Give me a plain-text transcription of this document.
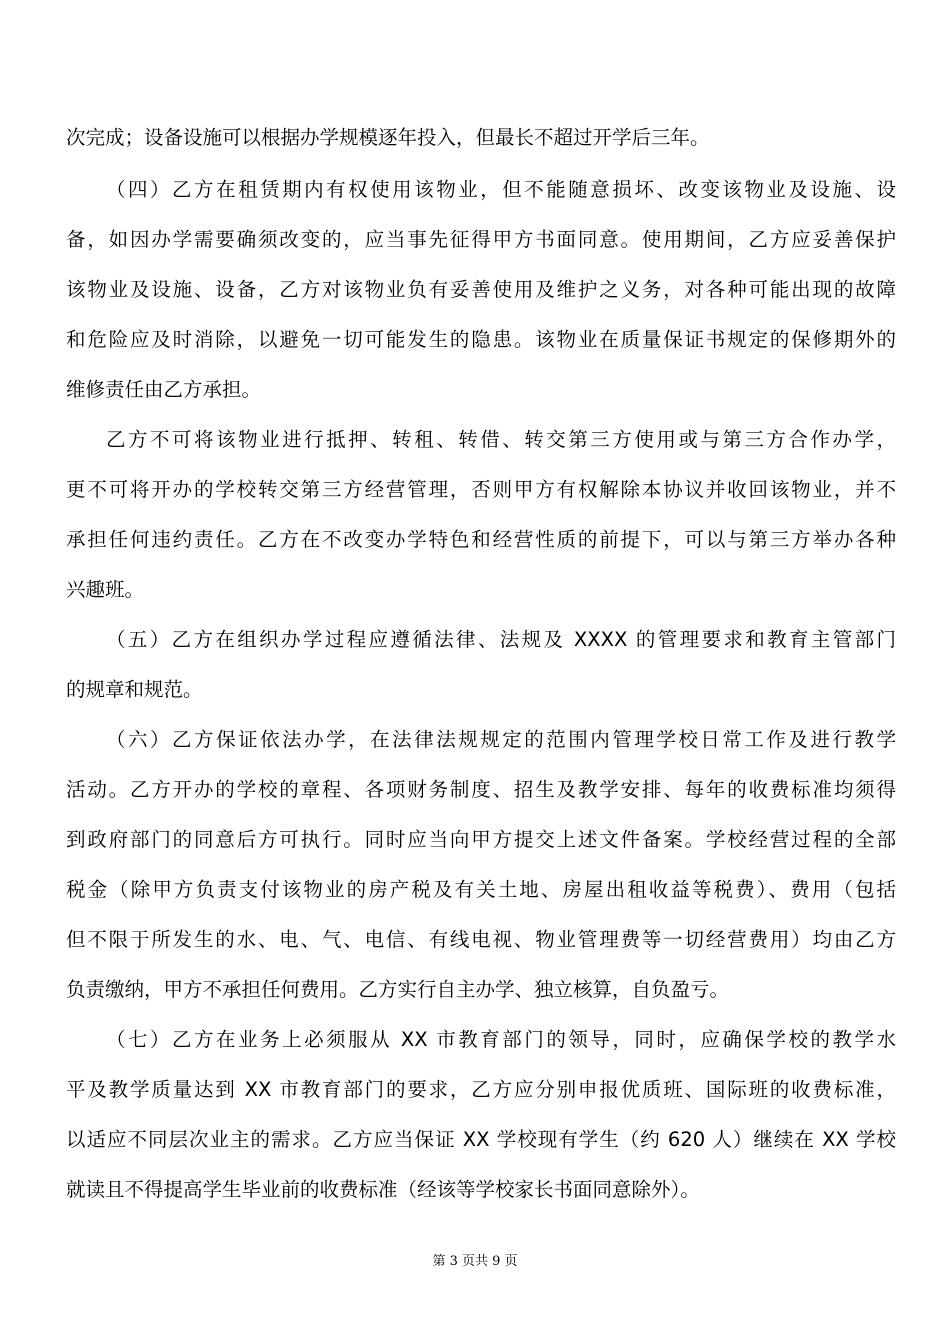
次完成；设备设施可以根据办学规模逐年投入，但最长不超过开学后三年。
（四）乙方在租赁期内有权使用该物业，但不能随意损坏、改变该物业及设施、设
备，如因办学需要确须改变的，应当事先征得甲方书面同意。使用期间，乙方应妥善保护
该物业及设施、设备，乙方对该物业负有妥善使用及维护之义务，对各种可能出现的故障
和危险应及时消除，以避免一切可能发生的隐患。该物业在质量保证书规定的保修期外的
维修责任由乙方承担。
乙方不可将该物业进行抵押、转租、转借、转交第三方使用或与第三方合作办学，
更不可将开办的学校转交第三方经营管理，否则甲方有权解除本协议并收回该物业，并不
承担任何违约责任。乙方在不改变办学特色和经营性质的前提下，可以与第三方举办各种
兴趣班。
（五）乙方在组织办学过程应遵循法律、法规及 XXXX 的管理要求和教育主管部门
的规章和规范。
（六）乙方保证依法办学，在法律法规规定的范围内管理学校日常工作及进行教学
活动。乙方开办的学校的章程、各项财务制度、招生及教学安排、每年的收费标准均须得
到政府部门的同意后方可执行。同时应当向甲方提交上述文件备案。学校经营过程的全部
税金（除甲方负责支付该物业的房产税及有关土地、房屋出租收益等税费）、费用（包括
但不限于所发生的水、电、气、电信、有线电视、物业管理费等一切经营费用）均由乙方
负责缴纳，甲方不承担任何费用。乙方实行自主办学、独立核算，自负盈亏。
（七）乙方在业务上必须服从 XX 市教育部门的领导，同时，应确保学校的教学水
平及教学质量达到 XX 市教育部门的要求，乙方应分别申报优质班、国际班的收费标准，
以适应不同层次业主的需求。乙方应当保证 XX 学校现有学生（约 620 人）继续在 XX 学校
就读且不得提高学生毕业前的收费标准（经该等学校家长书面同意除外）。
第 3 页共 9 页
